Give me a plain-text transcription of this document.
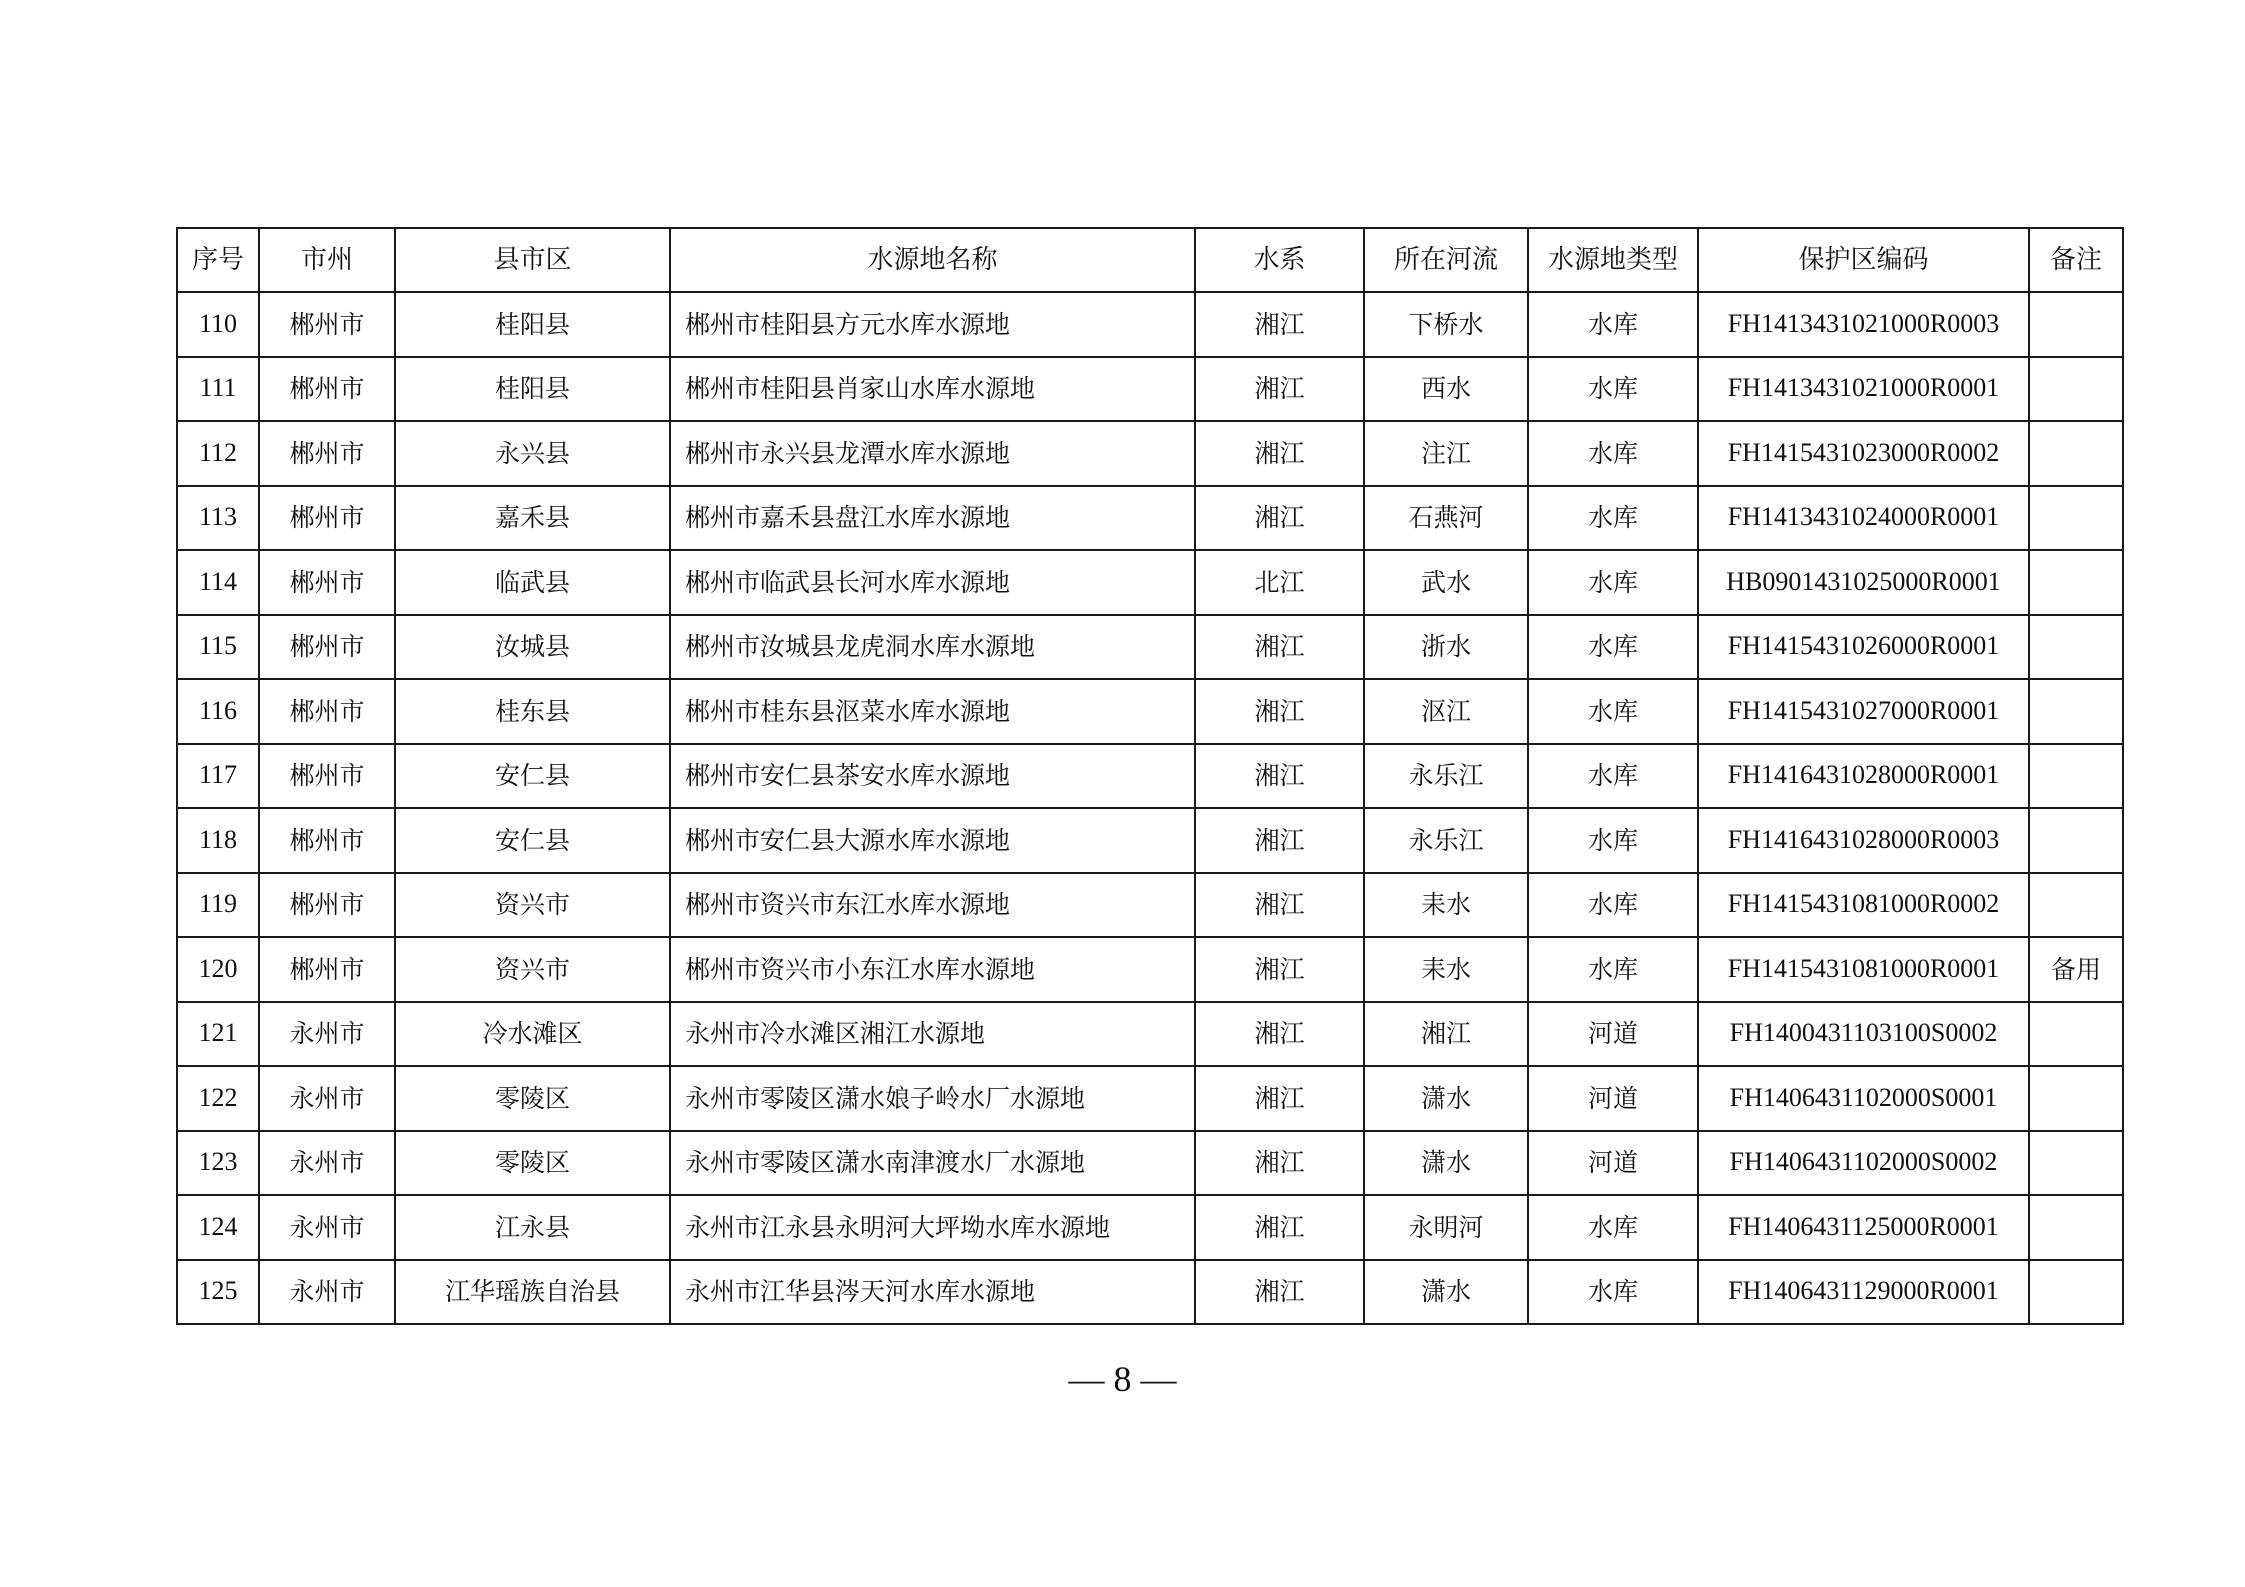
序号	市州	县市区	水源地名称	水系	所在河流	水源地类型	保护区编码	备注
110	郴州市	桂阳县	郴州市桂阳县方元水库水源地	湘江	下桥水	水库	FH1413431021000R0003	
111	郴州市	桂阳县	郴州市桂阳县肖家山水库水源地	湘江	西水	水库	FH1413431021000R0001	
112	郴州市	永兴县	郴州市永兴县龙潭水库水源地	湘江	注江	水库	FH1415431023000R0002	
113	郴州市	嘉禾县	郴州市嘉禾县盘江水库水源地	湘江	石燕河	水库	FH1413431024000R0001	
114	郴州市	临武县	郴州市临武县长河水库水源地	北江	武水	水库	HB0901431025000R0001	
115	郴州市	汝城县	郴州市汝城县龙虎洞水库水源地	湘江	浙水	水库	FH1415431026000R0001	
116	郴州市	桂东县	郴州市桂东县沤菜水库水源地	湘江	沤江	水库	FH1415431027000R0001	
117	郴州市	安仁县	郴州市安仁县茶安水库水源地	湘江	永乐江	水库	FH1416431028000R0001	
118	郴州市	安仁县	郴州市安仁县大源水库水源地	湘江	永乐江	水库	FH1416431028000R0003	
119	郴州市	资兴市	郴州市资兴市东江水库水源地	湘江	耒水	水库	FH1415431081000R0002	
120	郴州市	资兴市	郴州市资兴市小东江水库水源地	湘江	耒水	水库	FH1415431081000R0001	备用
121	永州市	冷水滩区	永州市冷水滩区湘江水源地	湘江	湘江	河道	FH1400431103100S0002	
122	永州市	零陵区	永州市零陵区潇水娘子岭水厂水源地	湘江	潇水	河道	FH1406431102000S0001	
123	永州市	零陵区	永州市零陵区潇水南津渡水厂水源地	湘江	潇水	河道	FH1406431102000S0002	
124	永州市	江永县	永州市江永县永明河大坪坳水库水源地	湘江	永明河	水库	FH1406431125000R0001	
125	永州市	江华瑶族自治县	永州市江华县涔天河水库水源地	湘江	潇水	水库	FH1406431129000R0001	
— 8 —
